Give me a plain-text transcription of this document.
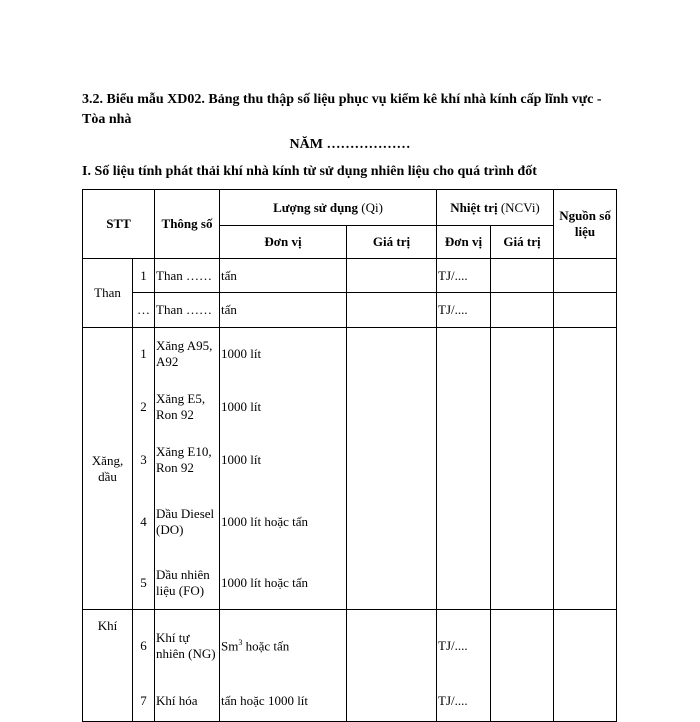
3.2. Biểu mẫu XD02. Bảng thu thập số liệu phục vụ kiểm kê khí nhà kính cấp lĩnh vực - Tòa nhà
NĂM ………………
I. Số liệu tính phát thải khí nhà kính từ sử dụng nhiên liệu cho quá trình đốt
STT		Thông số	Lượng sử dụng (Qi)		Nhiệt trị (NCVi)		Nguồn số liệu
			Đơn vị	Giá trị	Đơn vị	Giá trị	
Than	1	Than ……	tấn		TJ/....		
	…	Than ……	tấn		TJ/....		
Xăng, dầu	1	Xăng A95, A92	1000 lít				
	2	Xăng E5, Ron 92	1000 lít				
	3	Xăng E10, Ron 92	1000 lít				
	4	Dầu Diesel (DO)	1000 lít hoặc tấn				
	5	Dầu nhiên liệu (FO)	1000 lít hoặc tấn				
Khí	6	Khí tự nhiên (NG)	Sm$^3$ hoặc tấn		TJ/....		
	7	Khí hóa	tấn hoặc 1000 lít		TJ/....		
